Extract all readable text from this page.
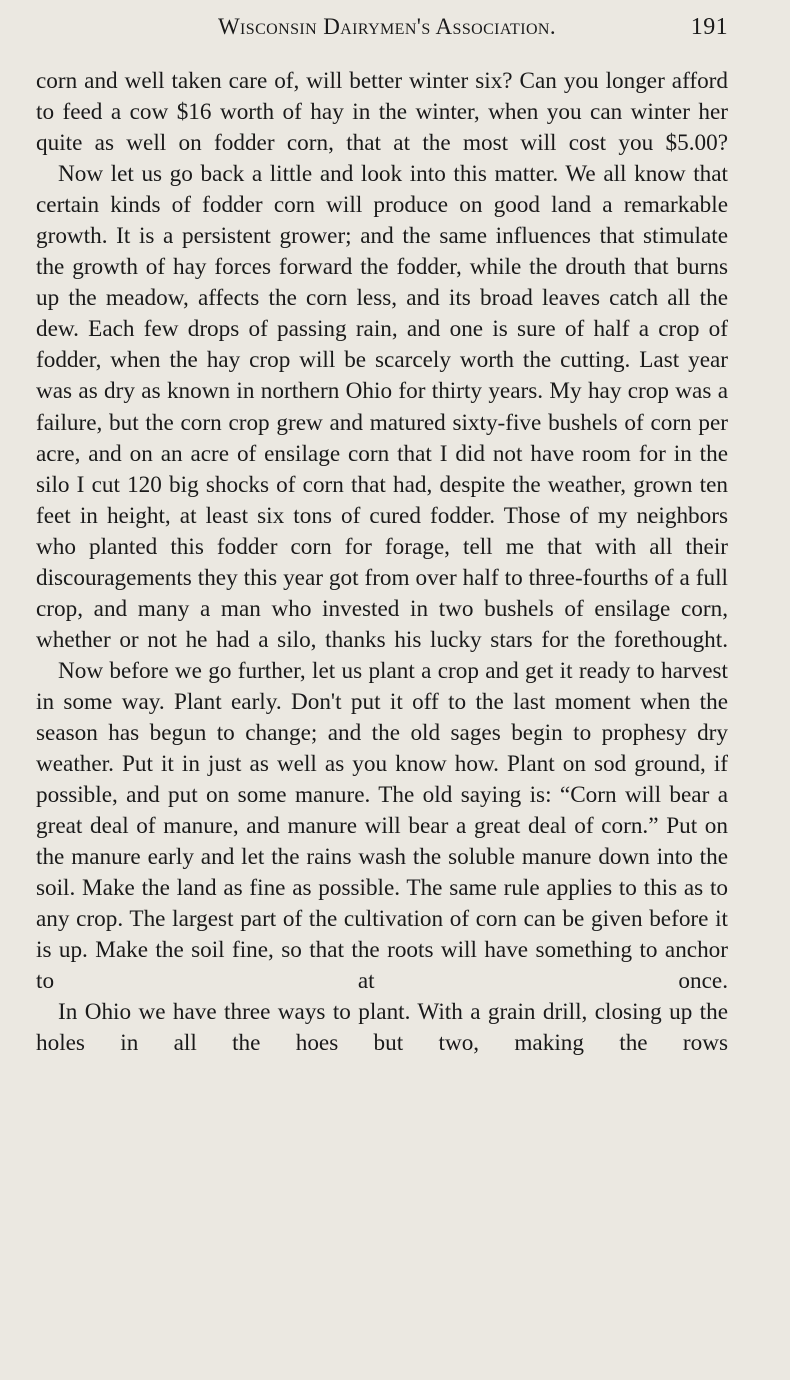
Wisconsin Dairymen's Association.	191

corn and well taken care of, will better winter six? Can you longer afford to feed a cow $16 worth of hay in the winter, when you can winter her quite as well on fodder corn, that at the most will cost you $5.00?

Now let us go back a little and look into this matter. We all know that certain kinds of fodder corn will produce on good land a remarkable growth. It is a persistent grower; and the same influences that stimulate the growth of hay forces forward the fodder, while the drouth that burns up the meadow, affects the corn less, and its broad leaves catch all the dew. Each few drops of passing rain, and one is sure of half a crop of fodder, when the hay crop will be scarcely worth the cutting. Last year was as dry as known in northern Ohio for thirty years. My hay crop was a failure, but the corn crop grew and matured sixty-five bushels of corn per acre, and on an acre of ensilage corn that I did not have room for in the silo I cut 120 big shocks of corn that had, despite the weather, grown ten feet in height, at least six tons of cured fodder. Those of my neighbors who planted this fodder corn for forage, tell me that with all their discouragements they this year got from over half to three-fourths of a full crop, and many a man who invested in two bushels of ensilage corn, whether or not he had a silo, thanks his lucky stars for the forethought.

Now before we go further, let us plant a crop and get it ready to harvest in some way. Plant early. Don't put it off to the last moment when the season has begun to change; and the old sages begin to prophesy dry weather. Put it in just as well as you know how. Plant on sod ground, if possible, and put on some manure. The old saying is: “Corn will bear a great deal of manure, and manure will bear a great deal of corn.” Put on the manure early and let the rains wash the soluble manure down into the soil. Make the land as fine as possible. The same rule applies to this as to any crop. The largest part of the cultivation of corn can be given before it is up. Make the soil fine, so that the roots will have something to anchor to at once.

In Ohio we have three ways to plant. With a grain drill, closing up the holes in all the hoes but two, making the rows
